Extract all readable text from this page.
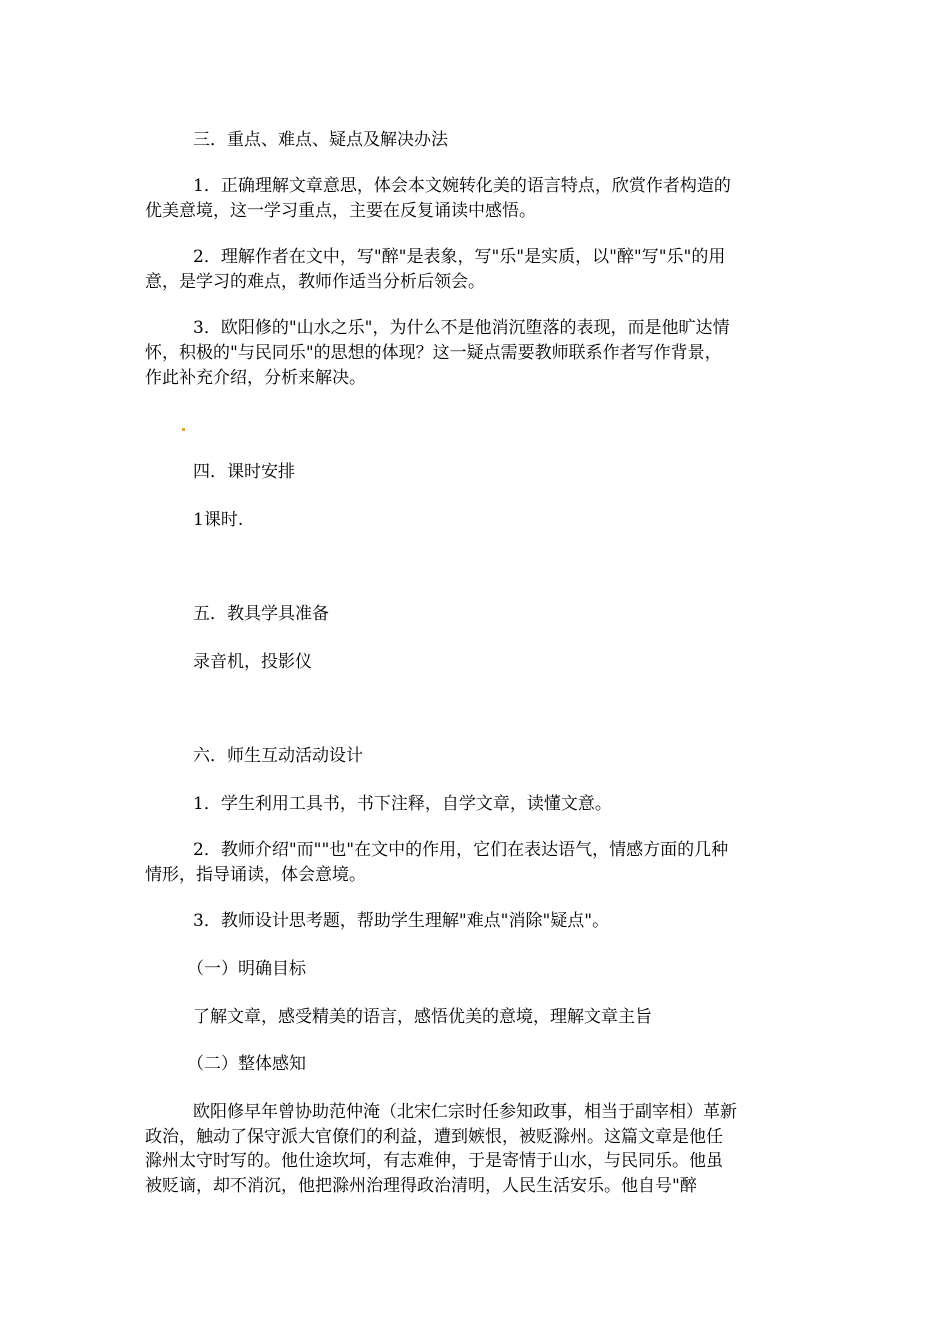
三．重点、难点、疑点及解决办法
1．正确理解文章意思，体会本文婉转化美的语言特点，欣赏作者构造的
优美意境，这一学习重点，主要在反复诵读中感悟。
2．理解作者在文中，写"醉"是表象，写"乐"是实质，以"醉"写"乐"的用
意，是学习的难点，教师作适当分析后领会。
3．欧阳修的"山水之乐"，为什么不是他消沉堕落的表现，而是他旷达情
怀，积极的"与民同乐"的思想的体现？这一疑点需要教师联系作者写作背景，
作此补充介绍，分析来解决。
四．课时安排
1课时.
五．教具学具准备
录音机，投影仪
六．师生互动活动设计
1．学生利用工具书，书下注释，自学文章，读懂文意。
2．教师介绍"而""也"在文中的作用，它们在表达语气，情感方面的几种
情形，指导诵读，体会意境。
3．教师设计思考题，帮助学生理解"难点"消除"疑点"。
（一）明确目标
了解文章，感受精美的语言，感悟优美的意境，理解文章主旨
（二）整体感知
欧阳修早年曾协助范仲淹（北宋仁宗时任参知政事，相当于副宰相）革新
政治，触动了保守派大官僚们的利益，遭到嫉恨，被贬滁州。这篇文章是他任
滁州太守时写的。他仕途坎坷，有志难伸，于是寄情于山水，与民同乐。他虽
被贬谪，却不消沉，他把滁州治理得政治清明，人民生活安乐。他自号"醉
